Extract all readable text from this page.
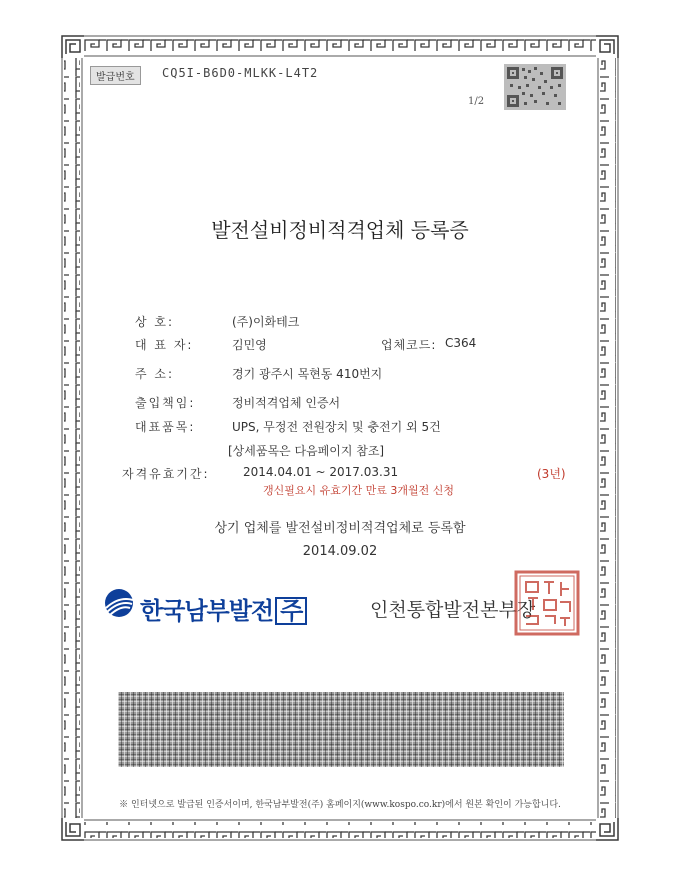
발급번호	CQ5I-B6D0-MLKK-L4T2
1/2
발전설비정비적격업체 등록증
상 호:	(주)이화테크
대 표 자:	김민영	업체코드: C364
주 소:	경기 광주시 목현동 410번지
출입책임:	정비적격업체 인증서
대표품목:	UPS, 무정전 전원장치 및 충전기 외 5건
[상세품목은 다음페이지 참조]
자격유효기간:	2014.04.01 ~ 2017.03.31	(3년)
갱신필요시 유효기간 만료 3개월전 신청
상기 업체를 발전설비정비적격업체로 등록함
2014.09.02
한국남부발전 주	인천통합발전본부장
※ 인터넷으로 발급된 인증서이며, 한국남부발전(주) 홈페이지(www.kospo.co.kr)에서 원본 확인이 가능합니다.
